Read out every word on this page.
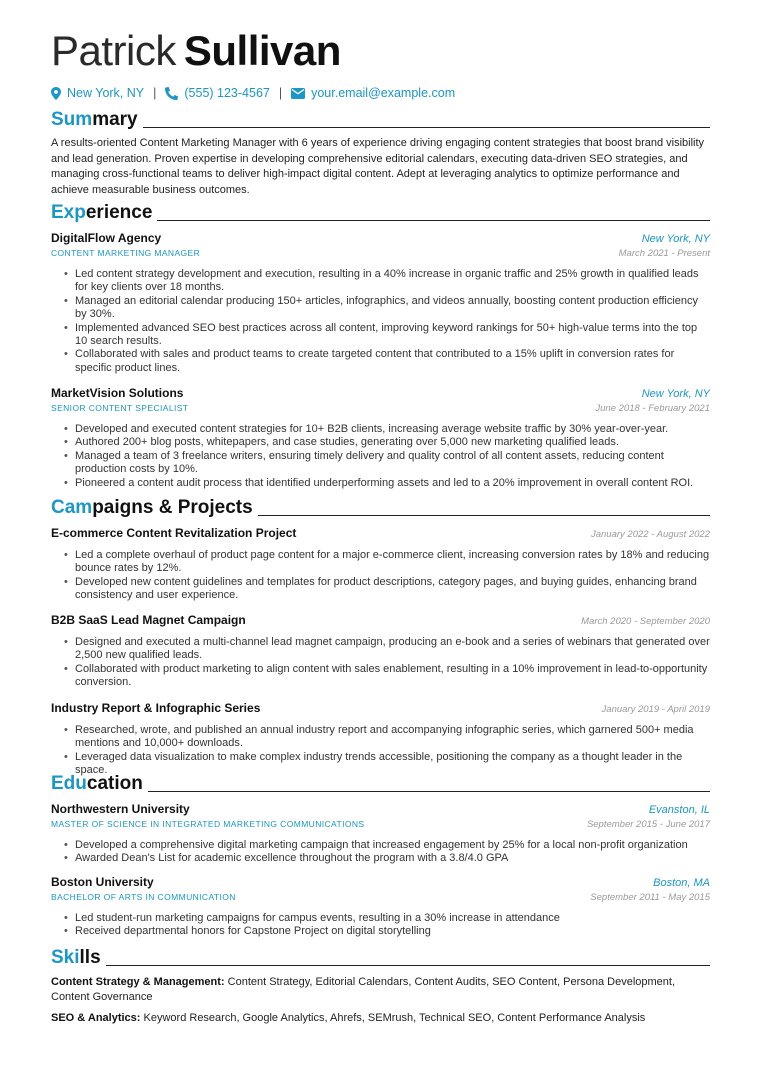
Patrick Sullivan
New York, NY | (555) 123-4567 | your.email@example.com
Summary
A results-oriented Content Marketing Manager with 6 years of experience driving engaging content strategies that boost brand visibility and lead generation. Proven expertise in developing comprehensive editorial calendars, executing data-driven SEO strategies, and managing cross-functional teams to deliver high-impact digital content. Adept at leveraging analytics to optimize performance and achieve measurable business outcomes.
Experience
DigitalFlow Agency	New York, NY
CONTENT MARKETING MANAGER	March 2021 - Present
• Led content strategy development and execution, resulting in a 40% increase in organic traffic and 25% growth in qualified leads for key clients over 18 months.
• Managed an editorial calendar producing 150+ articles, infographics, and videos annually, boosting content production efficiency by 30%.
• Implemented advanced SEO best practices across all content, improving keyword rankings for 50+ high-value terms into the top 10 search results.
• Collaborated with sales and product teams to create targeted content that contributed to a 15% uplift in conversion rates for specific product lines.
MarketVision Solutions	New York, NY
SENIOR CONTENT SPECIALIST	June 2018 - February 2021
• Developed and executed content strategies for 10+ B2B clients, increasing average website traffic by 30% year-over-year.
• Authored 200+ blog posts, whitepapers, and case studies, generating over 5,000 new marketing qualified leads.
• Managed a team of 3 freelance writers, ensuring timely delivery and quality control of all content assets, reducing content production costs by 10%.
• Pioneered a content audit process that identified underperforming assets and led to a 20% improvement in overall content ROI.
Campaigns & Projects
E-commerce Content Revitalization Project	January 2022 - August 2022
• Led a complete overhaul of product page content for a major e-commerce client, increasing conversion rates by 18% and reducing bounce rates by 12%.
• Developed new content guidelines and templates for product descriptions, category pages, and buying guides, enhancing brand consistency and user experience.
B2B SaaS Lead Magnet Campaign	March 2020 - September 2020
• Designed and executed a multi-channel lead magnet campaign, producing an e-book and a series of webinars that generated over 2,500 new qualified leads.
• Collaborated with product marketing to align content with sales enablement, resulting in a 10% improvement in lead-to-opportunity conversion.
Industry Report & Infographic Series	January 2019 - April 2019
• Researched, wrote, and published an annual industry report and accompanying infographic series, which garnered 500+ media mentions and 10,000+ downloads.
• Leveraged data visualization to make complex industry trends accessible, positioning the company as a thought leader in the space.
Education
Northwestern University	Evanston, IL
MASTER OF SCIENCE IN INTEGRATED MARKETING COMMUNICATIONS	September 2015 - June 2017
• Developed a comprehensive digital marketing campaign that increased engagement by 25% for a local non-profit organization
• Awarded Dean's List for academic excellence throughout the program with a 3.8/4.0 GPA
Boston University	Boston, MA
BACHELOR OF ARTS IN COMMUNICATION	September 2011 - May 2015
• Led student-run marketing campaigns for campus events, resulting in a 30% increase in attendance
• Received departmental honors for Capstone Project on digital storytelling
Skills
Content Strategy & Management: Content Strategy, Editorial Calendars, Content Audits, SEO Content, Persona Development, Content Governance
SEO & Analytics: Keyword Research, Google Analytics, Ahrefs, SEMrush, Technical SEO, Content Performance Analysis
